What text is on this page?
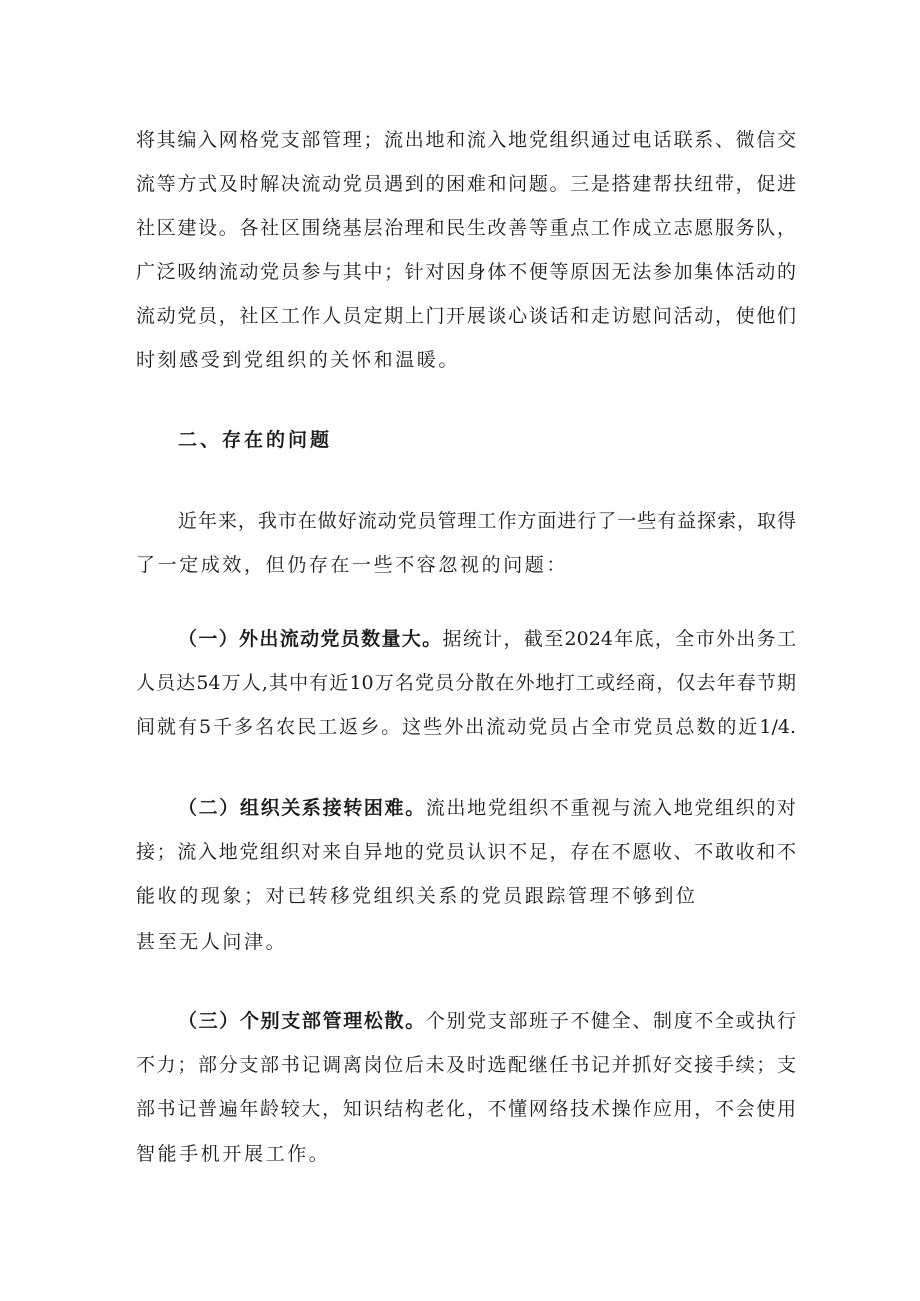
将其编入网格党支部管理；流出地和流入地党组织通过电话联系、微信交
流等方式及时解决流动党员遇到的困难和问题。三是搭建帮扶纽带，促进
社区建设。各社区围绕基层治理和民生改善等重点工作成立志愿服务队，
广泛吸纳流动党员参与其中；针对因身体不便等原因无法参加集体活动的
流动党员，社区工作人员定期上门开展谈心谈话和走访慰问活动，使他们
时刻感受到党组织的关怀和温暖。
二、存在的问题
近年来，我市在做好流动党员管理工作方面进行了一些有益探索，取得
了一定成效，但仍存在一些不容忽视的问题：
（一）外出流动党员数量大。据统计，截至2024年底，全市外出务工
人员达54万人,其中有近10万名党员分散在外地打工或经商，仅去年春节期
间就有5千多名农民工返乡。这些外出流动党员占全市党员总数的近1/4.
（二）组织关系接转困难。流出地党组织不重视与流入地党组织的对
接；流入地党组织对来自异地的党员认识不足，存在不愿收、不敢收和不
能收的现象；对已转移党组织关系的党员跟踪管理不够到位
甚至无人问津。
（三）个别支部管理松散。个别党支部班子不健全、制度不全或执行
不力；部分支部书记调离岗位后未及时选配继任书记并抓好交接手续；支
部书记普遍年龄较大，知识结构老化，不懂网络技术操作应用，不会使用
智能手机开展工作。
